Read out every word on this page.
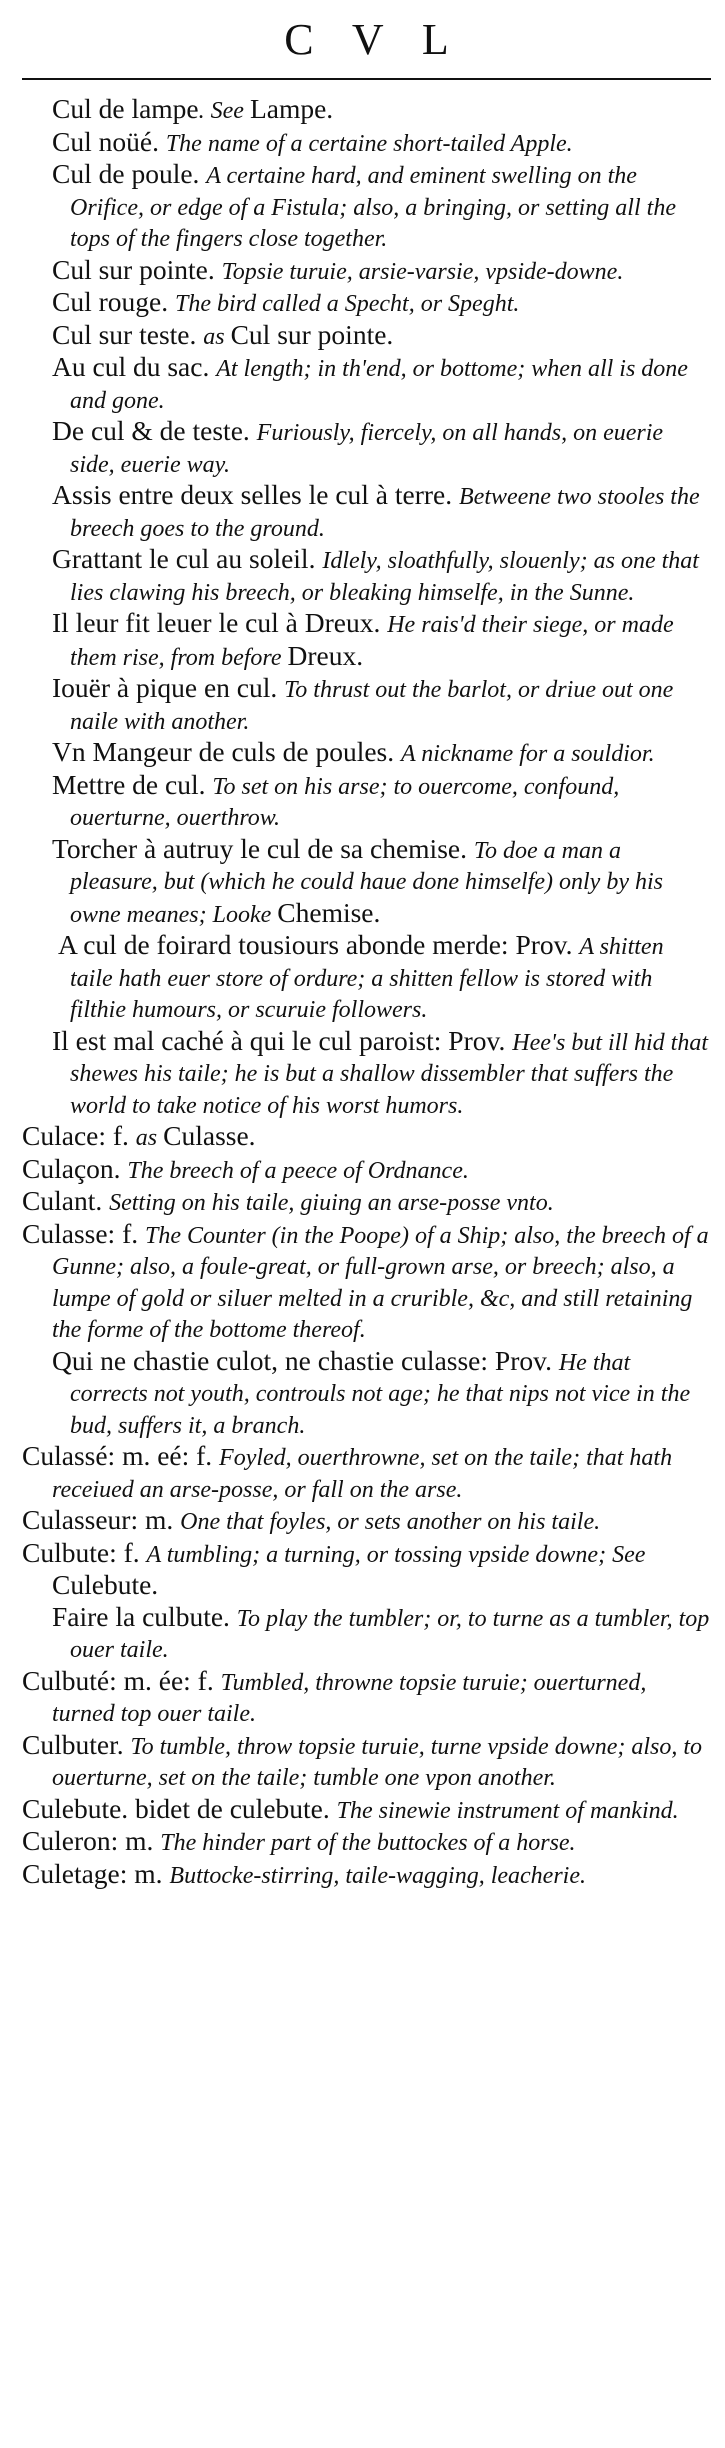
C V L

Cul de lampe. See Lampe.

Cul noüé. The name of a certaine short-tailed Apple.

Cul de poule. A certaine hard, and eminent swelling on the Orifice, or edge of a Fistula; also, a bringing, or setting all the tops of the fingers close together.

Cul sur pointe. Topsie turuie, arsie-varsie, vpside-downe.

Cul rouge. The bird called a Specht, or Speght.

Cul sur teste. as Cul sur pointe.

Au cul du sac. At length; in th'end, or bottome; when all is done and gone.

De cul & de teste. Furiously, fiercely, on all hands, on euerie side, euerie way.

Assis entre deux selles le cul à terre. Betweene two stooles the breech goes to the ground.

Grattant le cul au soleil. Idlely, sloathfully, slouenly; as one that lies clawing his breech, or bleaking himselfe, in the Sunne.

Il leur fit leuer le cul à Dreux. He rais'd their siege, or made them rise, from before Dreux.

Iouër à pique en cul. To thrust out the barlot, or driue out one naile with another.

Vn Mangeur de culs de poules. A nickname for a souldior.

Mettre de cul. To set on his arse; to ouercome, confound, ouerturne, ouerthrow.

Torcher à autruy le cul de sa chemise. To doe a man a pleasure, but (which he could haue done himselfe) only by his owne meanes; Looke Chemise.

A cul de foirard tousiours abonde merde: Prov. A shitten taile hath euer store of ordure; a shitten fellow is stored with filthie humours, or scuruie followers.

Il est mal caché à qui le cul paroist: Prov. Hee's but ill hid that shewes his taile; he is but a shallow dissembler that suffers the world to take notice of his worst humors.

Culace: f. as Culasse.

Culaçon. The breech of a peece of Ordnance.

Culant. Setting on his taile, giuing an arse-posse vnto.

Culasse: f. The Counter (in the Poope) of a Ship; also, the breech of a Gunne; also, a foule-great, or full-grown arse, or breech; also, a lumpe of gold or siluer melted in a crurible, &c, and still retaining the forme of the bottome thereof.

Qui ne chastie culot, ne chastie culasse: Prov. He that corrects not youth, controuls not age; he that nips not vice in the bud, suffers it, a branch.

Culassé: m. eé: f. Foyled, ouerthrowne, set on the taile; that hath receiued an arse-posse, or fall on the arse.

Culasseur: m. One that foyles, or sets another on his taile.

Culbute: f. A tumbling; a turning, or tossing vpside downe; See Culebute.

Faire la culbute. To play the tumbler; or, to turne as a tumbler, top ouer taile.

Culbuté: m. ée: f. Tumbled, throwne topsie turuie; ouerturned, turned top ouer taile.

Culbuter. To tumble, throw topsie turuie, turne vpside downe; also, to ouerturne, set on the taile; tumble one vpon another.

Culebute. bidet de culebute. The sinewie instrument of mankind.

Culeron: m. The hinder part of the buttockes of a horse.

Culetage: m. Buttocke-stirring, taile-wagging, leacherie.
